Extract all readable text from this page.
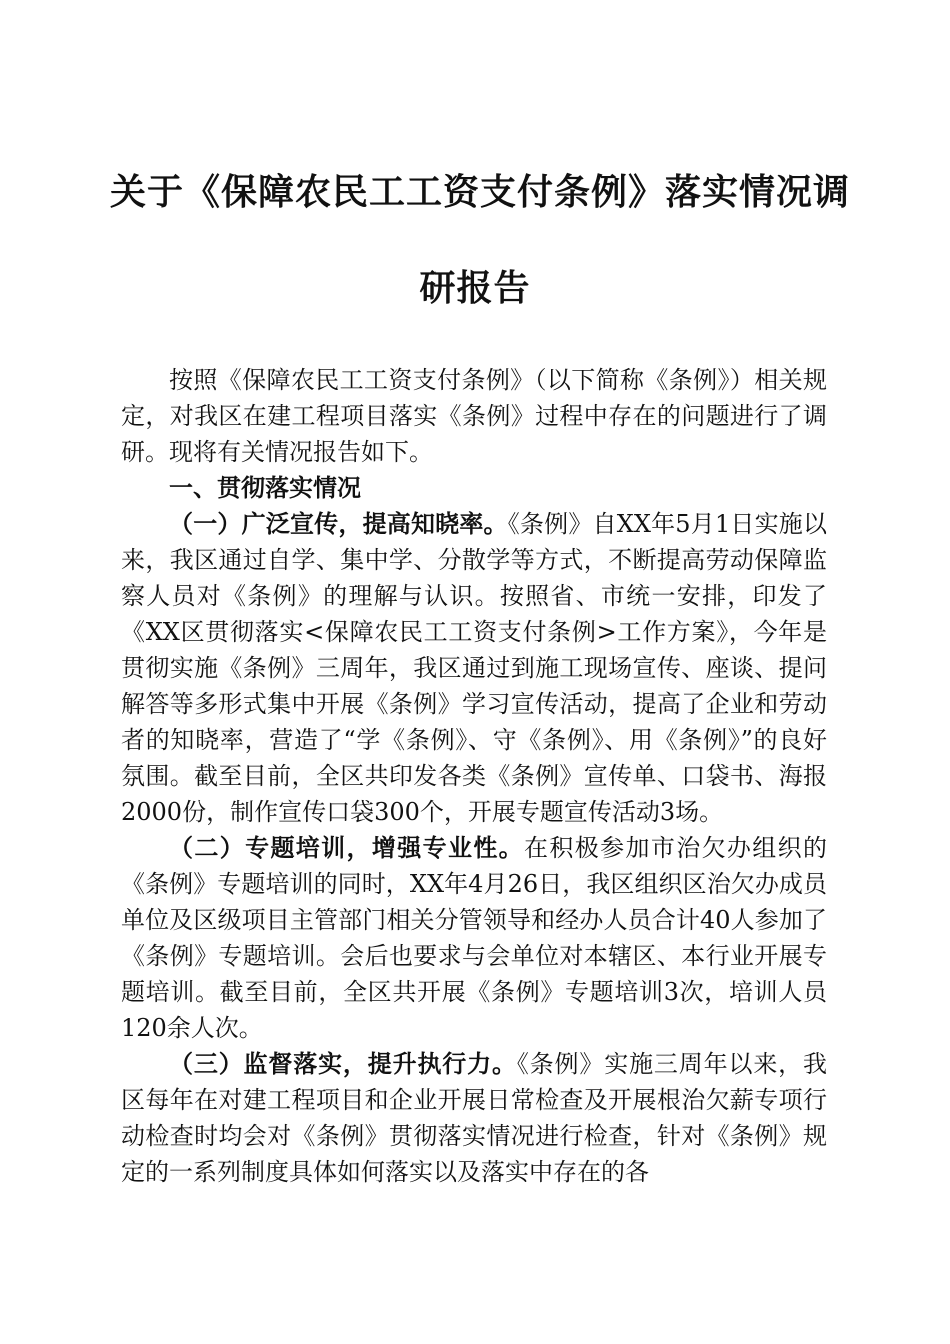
关于《保障农民工工资支付条例》落实情况调
研报告

按照《保障农民工工资支付条例》（以下简称《条例》）相关规定，对我区在建工程项目落实《条例》过程中存在的问题进行了调研。现将有关情况报告如下。

一、贯彻落实情况

（一）广泛宣传，提高知晓率。《条例》自XX年5月1日实施以来，我区通过自学、集中学、分散学等方式，不断提高劳动保障监察人员对《条例》的理解与认识。按照省、市统一安排，印发了《XX区贯彻落实<保障农民工工资支付条例>工作方案》，今年是贯彻实施《条例》三周年，我区通过到施工现场宣传、座谈、提问解答等多形式集中开展《条例》学习宣传活动，提高了企业和劳动者的知晓率，营造了“学《条例》、守《条例》、用《条例》”的良好氛围。截至目前，全区共印发各类《条例》宣传单、口袋书、海报2000份，制作宣传口袋300个，开展专题宣传活动3场。

（二）专题培训，增强专业性。在积极参加市治欠办组织的《条例》专题培训的同时，XX年4月26日，我区组织区治欠办成员单位及区级项目主管部门相关分管领导和经办人员合计40人参加了《条例》专题培训。会后也要求与会单位对本辖区、本行业开展专题培训。截至目前，全区共开展《条例》专题培训3次，培训人员120余人次。

（三）监督落实，提升执行力。《条例》实施三周年以来，我区每年在对建工程项目和企业开展日常检查及开展根治欠薪专项行动检查时均会对《条例》贯彻落实情况进行检查，针对《条例》规定的一系列制度具体如何落实以及落实中存在的各
